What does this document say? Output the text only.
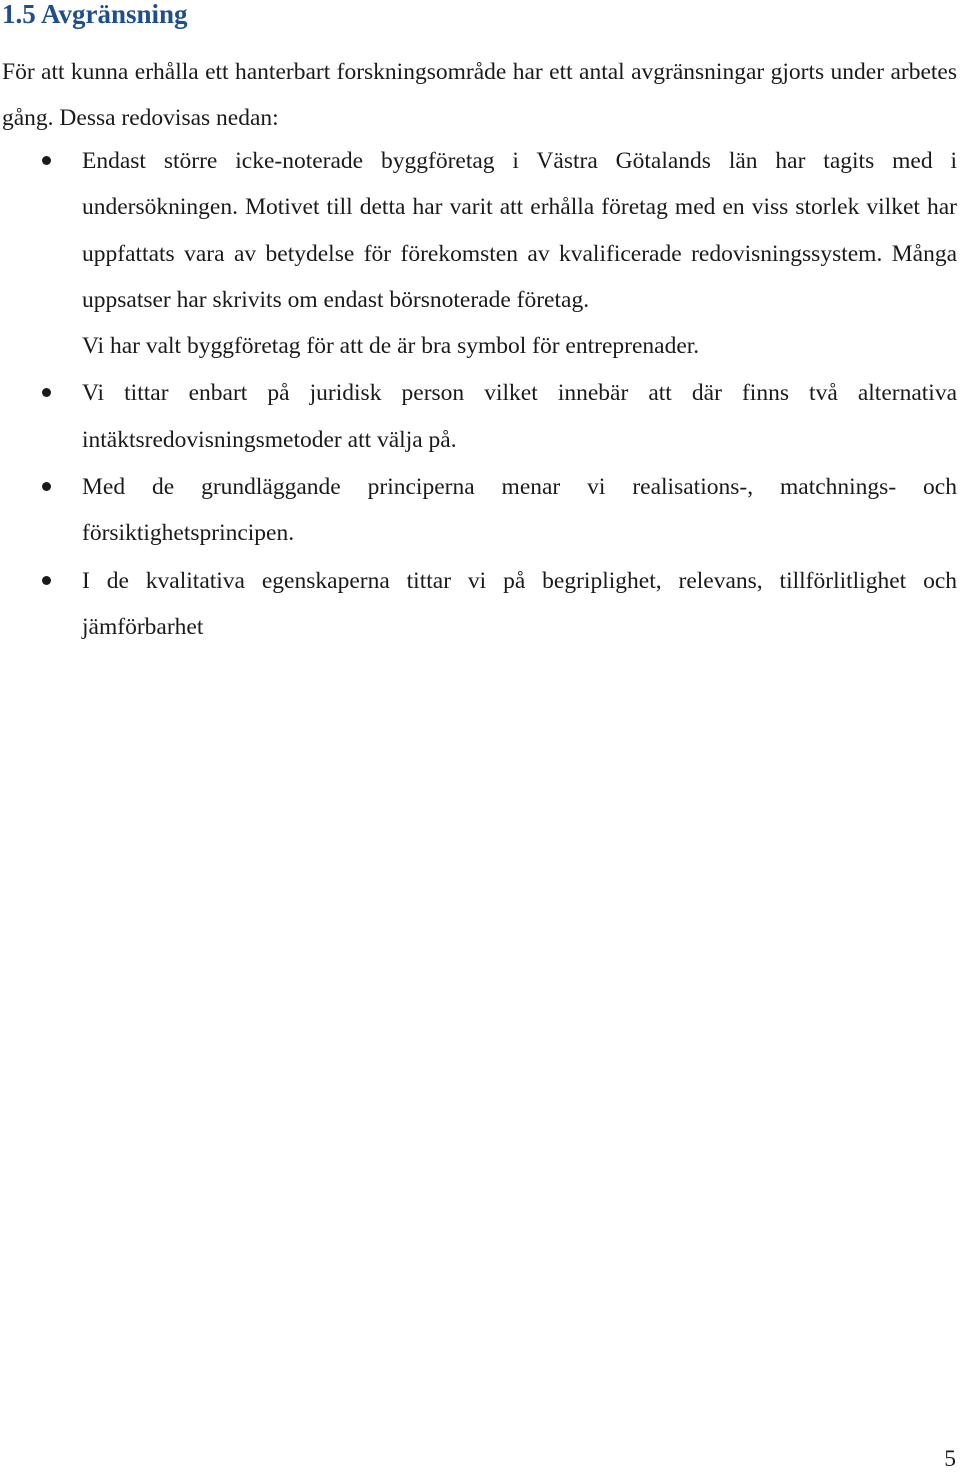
1.5 Avgränsning

För att kunna erhålla ett hanterbart forskningsområde har ett antal avgränsningar gjorts under arbetes gång. Dessa redovisas nedan:

Endast större icke-noterade byggföretag i Västra Götalands län har tagits med i undersökningen. Motivet till detta har varit att erhålla företag med en viss storlek vilket har uppfattats vara av betydelse för förekomsten av kvalificerade redovisningssystem. Många uppsatser har skrivits om endast börsnoterade företag.

Vi har valt byggföretag för att de är bra symbol för entreprenader.

Vi tittar enbart på juridisk person vilket innebär att där finns två alternativa intäktsredovisningsmetoder att välja på.

Med de grundläggande principerna menar vi realisations-, matchnings- och försiktighetsprincipen.

I de kvalitativa egenskaperna tittar vi på begriplighet, relevans, tillförlitlighet och jämförbarhet

5
